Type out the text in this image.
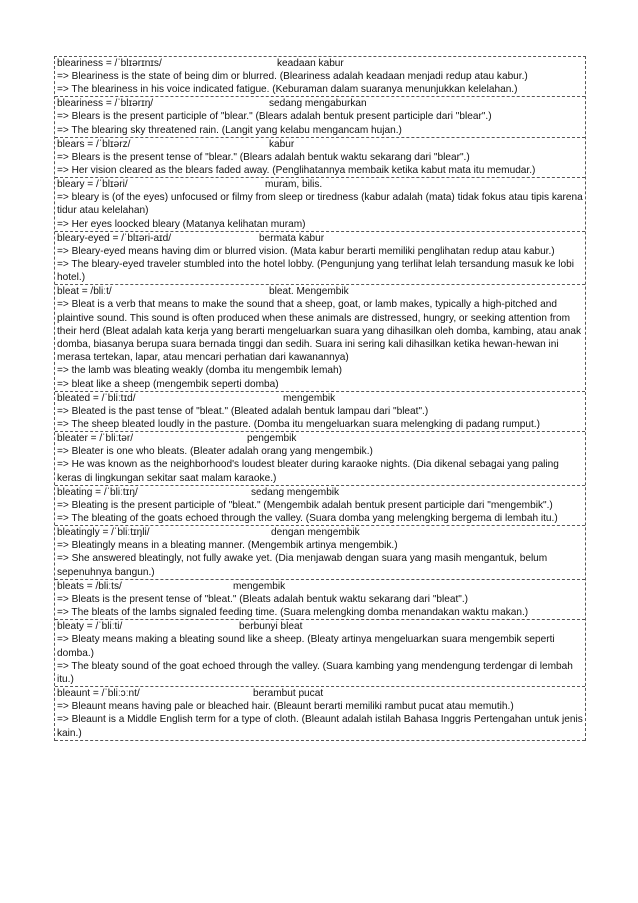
bleariness = /ˈblɪərɪnɪs/	keadaan kabur
=> Bleariness is the state of being dim or blurred. (Bleariness adalah keadaan menjadi redup atau kabur.)
=> The bleariness in his voice indicated fatigue. (Keburaman dalam suaranya menunjukkan kelelahan.)
bleariness = /ˈblɪərɪŋ/	sedang mengaburkan
=> Blears is the present participle of "blear." (Blears adalah bentuk present participle dari "blear".)
=> The blearing sky threatened rain. (Langit yang kelabu mengancam hujan.)
blears = /ˈblɪərz/	kabur
=> Blears is the present tense of "blear." (Blears adalah bentuk waktu sekarang dari "blear".)
=> Her vision cleared as the blears faded away. (Penglihatannya membaik ketika kabut mata itu memudar.)
bleary = /ˈblɪəri/	muram, bilis.
=> bleary is (of the eyes) unfocused or filmy from sleep or tiredness (kabur adalah (mata) tidak fokus atau tipis karena tidur atau kelelahan)
=> Her eyes loocked bleary (Matanya kelihatan muram)
bleary-eyed = /ˈblɪəri-aɪd/	bermata kabur
=> Bleary-eyed means having dim or blurred vision. (Mata kabur berarti memiliki penglihatan redup atau kabur.)
=> The bleary-eyed traveler stumbled into the hotel lobby. (Pengunjung yang terlihat lelah tersandung masuk ke lobi hotel.)
bleat = /bliːt/	bleat. Mengembik
=> Bleat is a verb that means to make the sound that a sheep, goat, or lamb makes, typically a high-pitched and plaintive sound. This sound is often produced when these animals are distressed, hungry, or seeking attention from their herd (Bleat adalah kata kerja yang berarti mengeluarkan suara yang dihasilkan oleh domba, kambing, atau anak domba, biasanya berupa suara bernada tinggi dan sedih. Suara ini sering kali dihasilkan ketika hewan-hewan ini merasa tertekan, lapar, atau mencari perhatian dari kawanannya)
=> the lamb was bleating weakly (domba itu mengembik lemah)
=> bleat like a sheep (mengembik seperti domba)
bleated = /ˈbliːtɪd/	mengembik
=> Bleated is the past tense of "bleat." (Bleated adalah bentuk lampau dari "bleat".)
=> The sheep bleated loudly in the pasture. (Domba itu mengeluarkan suara melengking di padang rumput.)
bleater = /ˈbliːtər/	pengembik
=> Bleater is one who bleats. (Bleater adalah orang yang mengembik.)
=> He was known as the neighborhood's loudest bleater during karaoke nights. (Dia dikenal sebagai yang paling keras di lingkungan sekitar saat malam karaoke.)
bleating = /ˈbliːtɪŋ/	sedang mengembik
=> Bleating is the present participle of "bleat." (Mengembik adalah bentuk present participle dari "mengembik".)
=> The bleating of the goats echoed through the valley. (Suara domba yang melengking bergema di lembah itu.)
bleatingly = /ˈbliːtɪŋli/	dengan mengembik
=> Bleatingly means in a bleating manner. (Mengembik artinya mengembik.)
=> She answered bleatingly, not fully awake yet. (Dia menjawab dengan suara yang masih mengantuk, belum sepenuhnya bangun.)
bleats = /bliːts/	mengembik
=> Bleats is the present tense of "bleat." (Bleats adalah bentuk waktu sekarang dari "bleat".)
=> The bleats of the lambs signaled feeding time. (Suara melengking domba menandakan waktu makan.)
bleaty = /ˈbliːti/	berbunyi bleat
=> Bleaty means making a bleating sound like a sheep. (Bleaty artinya mengeluarkan suara mengembik seperti domba.)
=> The bleaty sound of the goat echoed through the valley. (Suara kambing yang mendengung terdengar di lembah itu.)
bleaunt = /ˈbliːɔːnt/	berambut pucat
=> Bleaunt means having pale or bleached hair. (Bleaunt berarti memiliki rambut pucat atau memutih.)
=> Bleaunt is a Middle English term for a type of cloth. (Bleaunt adalah istilah Bahasa Inggris Pertengahan untuk jenis kain.)
